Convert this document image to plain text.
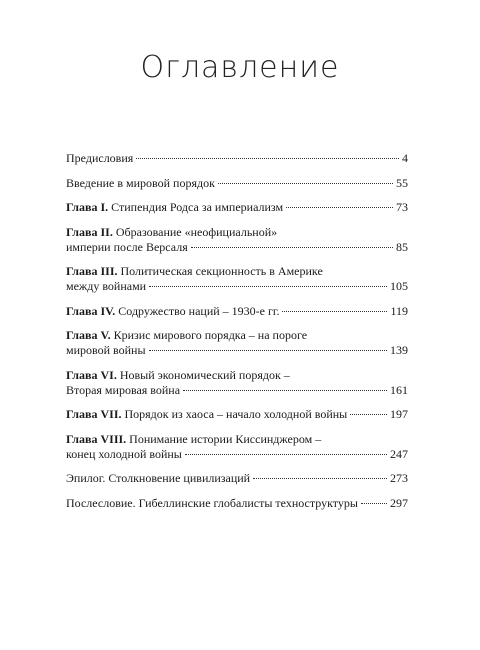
Оглавление
Предисловия	4
Введение в мировой порядок	55
Глава I. Стипендия Родса за империализм	73
Глава II. Образование «неофициальной»
империи после Версаля	85
Глава III. Политическая секционность в Америке
между войнами	105
Глава IV. Содружество наций – 1930-е гг.	119
Глава V. Кризис мирового порядка – на пороге
мировой войны	139
Глава VI. Новый экономический порядок –
Вторая мировая война	161
Глава VII. Порядок из хаоса – начало холодной войны	197
Глава VIII. Понимание истории Киссинджером –
конец холодной войны	247
Эпилог. Столкновение цивилизаций	273
Послесловие. Гибеллинские глобалисты техноструктуры	297
